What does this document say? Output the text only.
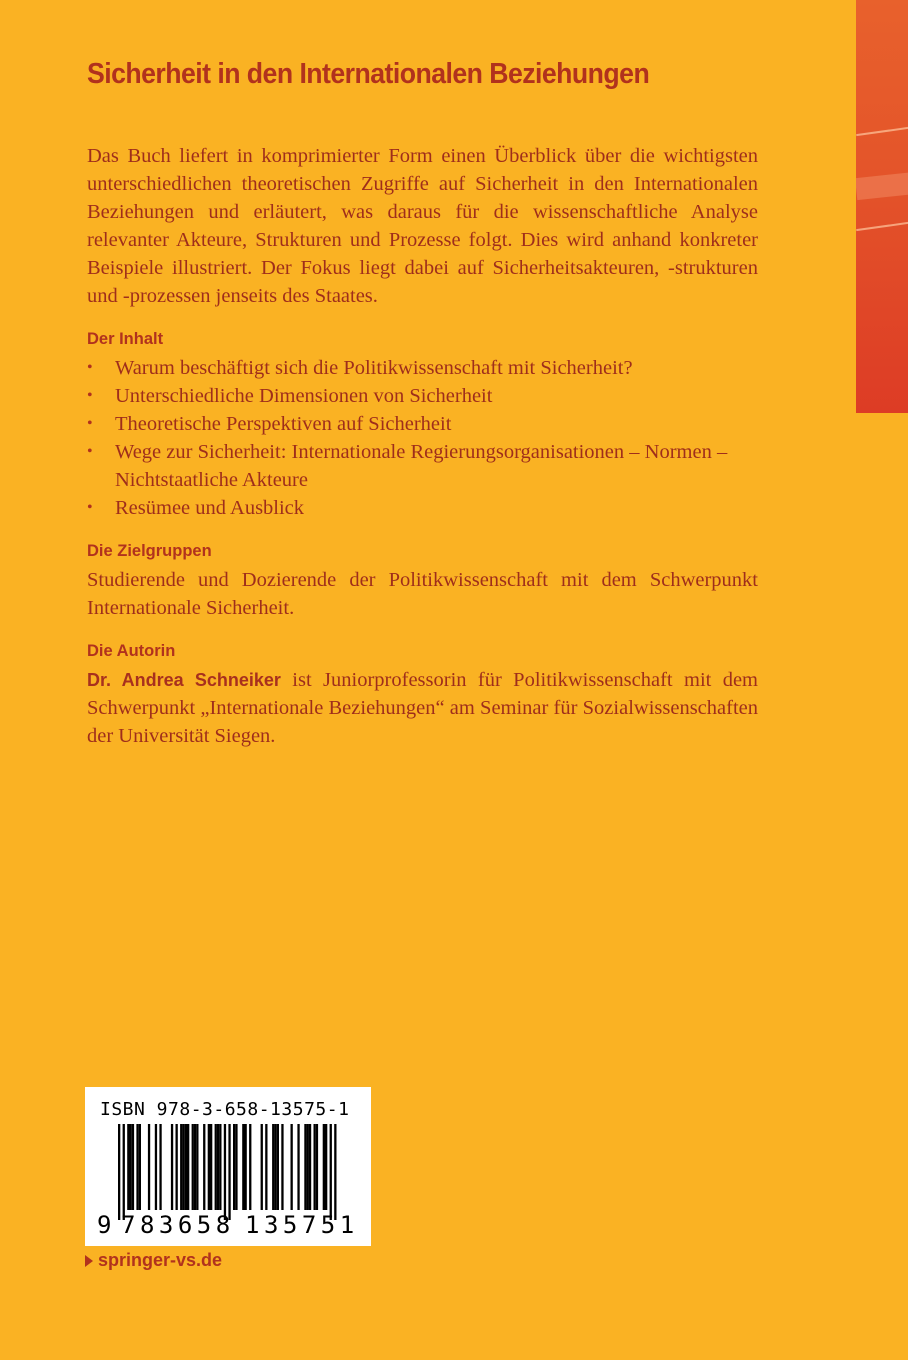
Sicherheit in den Internationalen Beziehungen

Das Buch liefert in komprimierter Form einen Überblick über die wichtigsten unterschiedlichen theoretischen Zugriffe auf Sicherheit in den Internationalen Beziehungen und erläutert, was daraus für die wissenschaftliche Analyse relevanter Akteure, Strukturen und Prozesse folgt. Dies wird anhand konkreter Beispiele illustriert. Der Fokus liegt dabei auf Sicherheitsakteuren, -strukturen und -prozessen jenseits des Staates.

Der Inhalt
• Warum beschäftigt sich die Politikwissenschaft mit Sicherheit?
• Unterschiedliche Dimensionen von Sicherheit
• Theoretische Perspektiven auf Sicherheit
• Wege zur Sicherheit: Internationale Regierungsorganisationen – Normen – Nichtstaatliche Akteure
• Resümee und Ausblick
Die Zielgruppen

Studierende und Dozierende der Politikwissenschaft mit dem Schwerpunkt Internationale Sicherheit.

Die Autorin

Dr. Andrea Schneiker ist Juniorprofessorin für Politikwissenschaft mit dem Schwerpunkt „Internationale Beziehungen“ am Seminar für Sozialwissenschaften der Universität Siegen.

ISBN 978-3-658-13575-1
9 783658 135751
springer-vs.de
